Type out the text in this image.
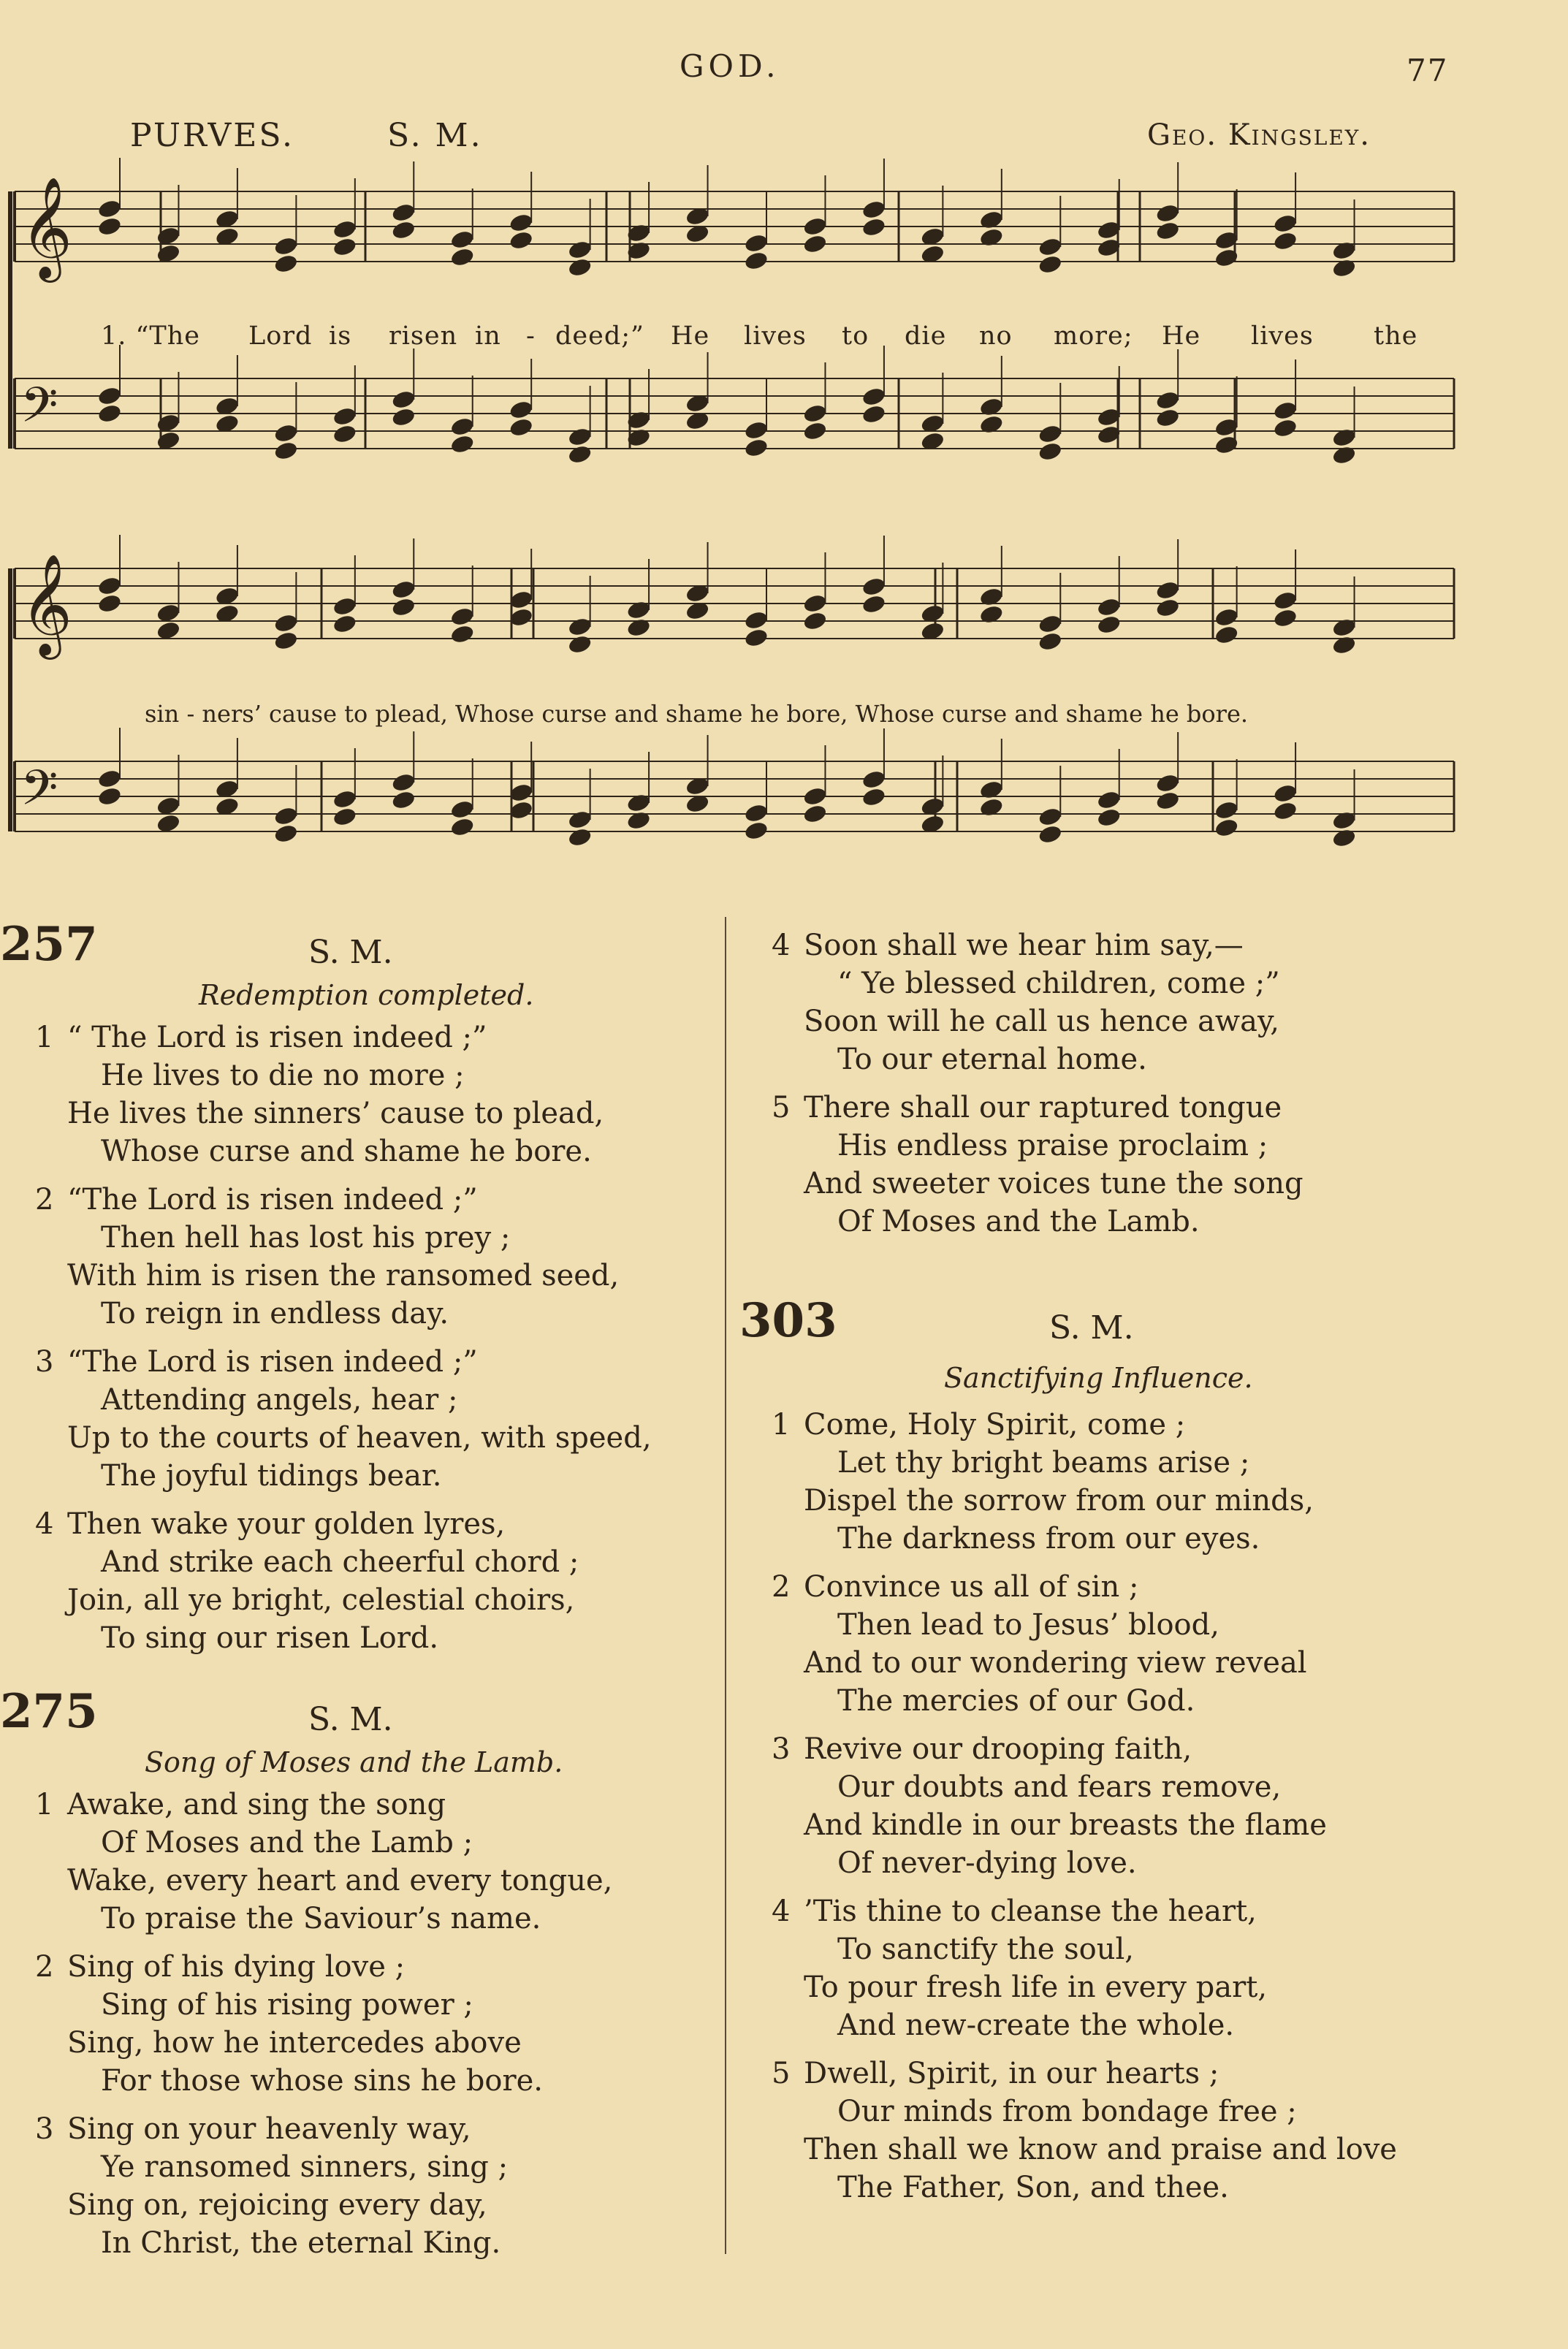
GOD.	77
PURVES.	S. M.	Geo. Kingsley.
𝄞
𝄢
𝄞
𝄢
1. “The Lord is risen in - deed;” He lives to die no more; He lives the
sin - ners’ cause to plead, Whose curse and shame he bore, Whose curse and shame he bore.
257	S. M.
Redemption completed.
1 “ The Lord is risen indeed ;”
He lives to die no more ;
He lives the sinners’ cause to plead,
Whose curse and shame he bore.
2 “The Lord is risen indeed ;”
Then hell has lost his prey ;
With him is risen the ransomed seed,
To reign in endless day.
3 “The Lord is risen indeed ;”
Attending angels, hear ;
Up to the courts of heaven, with speed,
The joyful tidings bear.
4 Then wake your golden lyres,
And strike each cheerful chord ;
Join, all ye bright, celestial choirs,
To sing our risen Lord.
275	S. M.
Song of Moses and the Lamb.
1 Awake, and sing the song
Of Moses and the Lamb ;
Wake, every heart and every tongue,
To praise the Saviour’s name.
2 Sing of his dying love ;
Sing of his rising power ;
Sing, how he intercedes above
For those whose sins he bore.
3 Sing on your heavenly way,
Ye ransomed sinners, sing ;
Sing on, rejoicing every day,
In Christ, the eternal King.
4 Soon shall we hear him say,—
“ Ye blessed children, come ;”
Soon will he call us hence away,
To our eternal home.
5 There shall our raptured tongue
His endless praise proclaim ;
And sweeter voices tune the song
Of Moses and the Lamb.
303	S. M.
Sanctifying Influence.
1 Come, Holy Spirit, come ;
Let thy bright beams arise ;
Dispel the sorrow from our minds,
The darkness from our eyes.
2 Convince us all of sin ;
Then lead to Jesus’ blood,
And to our wondering view reveal
The mercies of our God.
3 Revive our drooping faith,
Our doubts and fears remove,
And kindle in our breasts the flame
Of never-dying love.
4 ’Tis thine to cleanse the heart,
To sanctify the soul,
To pour fresh life in every part,
And new-create the whole.
5 Dwell, Spirit, in our hearts ;
Our minds from bondage free ;
Then shall we know and praise and love
The Father, Son, and thee.
